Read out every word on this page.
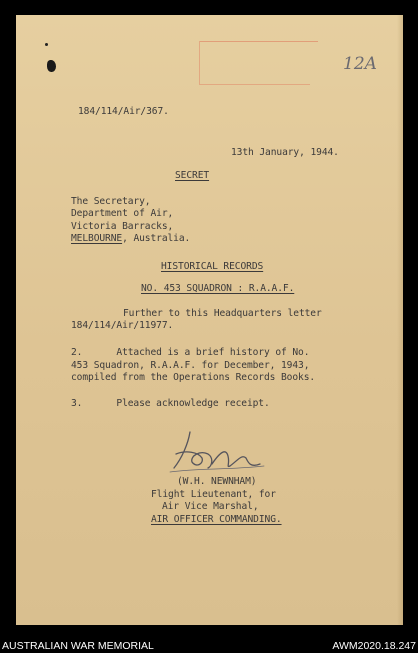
12A
184/114/Air/367.
13th January, 1944.
SECRET
The Secretary,
Department of Air,
Victoria Barracks,
MELBOURNE, Australia.
HISTORICAL RECORDS
NO. 453 SQUADRON : R.A.A.F.
Further to this Headquarters letter
184/114/Air/11977.
2.      Attached is a brief history of No.
453 Squadron, R.A.A.F. for December, 1943,
compiled from the Operations Records Books.
3.      Please acknowledge receipt.
(W.H. NEWNHAM)
Flight Lieutenant, for
Air Vice Marshal,
AIR OFFICER COMMANDING.
AUSTRALIAN WAR MEMORIAL	AWM2020.18.247
